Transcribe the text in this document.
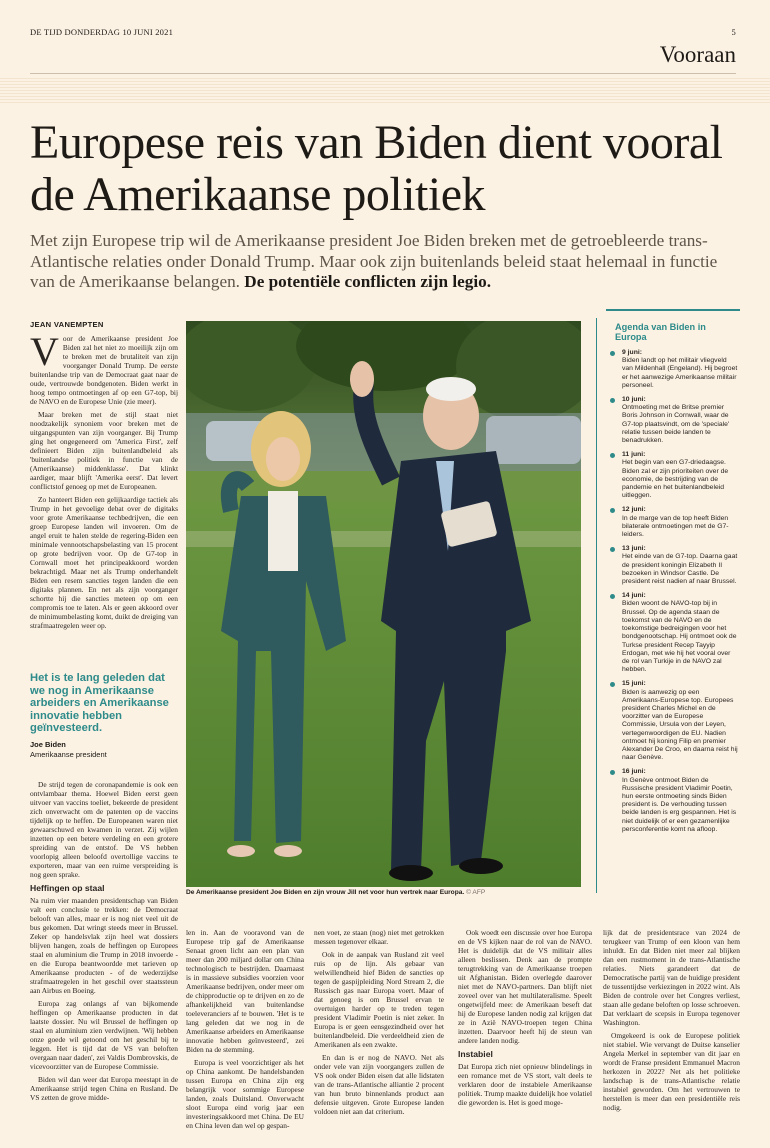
DE TIJD DONDERDAG 10 JUNI 2021	5
Vooraan
Europese reis van Biden dient vooral de Amerikaanse politiek

Met zijn Europese trip wil de Amerikaanse president Joe Biden breken met de getroebleerde trans-Atlantische relaties onder Donald Trump. Maar ook zijn buitenlands beleid staat helemaal in functie van de Amerikaanse belangen. De potentiële conflicten zijn legio.

JEAN VANEMPTEN

Voor de Amerikaanse president Joe Biden zal het niet zo moeilijk zijn om te breken met de brutaliteit van zijn voorganger Donald Trump. De eerste buitenlandse trip van de Democraat gaat naar de oude, vertrouwde bondgenoten. Biden werkt in hoog tempo ontmoetingen af op een G7-top, bij de NAVO en de Europese Unie (zie meer).

Maar breken met de stijl staat niet noodzakelijk synoniem voor breken met de uitgangspunten van zijn voorganger. Bij Trump ging het ongegeneerd om 'America First', zelf definieert Biden zijn buitenlandbeleid als 'buitenlandse politiek in functie van de (Amerikaanse) middenklasse'. Dat klinkt aardiger, maar blijft 'Amerika eerst'. Dat levert conflictstof genoeg op met de Europeanen.

Zo hanteert Biden een gelijkaardige tactiek als Trump in het gevoelige debat over de digitaks voor grote Amerikaanse techbedrijven, die een groep Europese landen wil invoeren. Om de angel eruit te halen stelde de regering-Biden een minimale vennootschapsbelasting van 15 procent op grote bedrijven voor. Op de G7-top in Cornwall moet het principeakkoord worden bekrachtigd. Maar net als Trump onderhandelt Biden een resem sancties tegen landen die een digitaks plannen. En net als zijn voorganger schortte hij die sancties meteen op om een compromis toe te laten. Als er geen akkoord over de minimumbelasting komt, duikt de dreiging van strafmaatregelen weer op.

Het is te lang geleden dat we nog in Amerikaanse arbeiders en Amerikaanse innovatie hebben geïnvesteerd.
Joe Biden
Amerikaanse president

De strijd tegen de coronapandemie is ook een ontvlambaar thema. Hoewel Biden eerst geen uitvoer van vaccins toeliet, bekeerde de president zich onverwacht om de patenten op de vaccins tijdelijk op te heffen. De Europeanen waren niet gewaarschuwd en kwamen in verzet. Zij wijlen inzetten op een betere verdeling en een grotere spreiding van de entstof. De VS hebben voorlopig alleen beloofd overtollige vaccins te exporteren, maar van een ruime verspreiding is nog geen sprake.

Heffingen op staal

Na ruim vier maanden presidentschap van Biden valt een conclusie te trekken: de Democraat belooft van alles, maar er is nog niet veel uit de bus gekomen. Dat wringt steeds meer in Brussel. Zeker op handelsvlak zijn heel wat dossiers blijven hangen, zoals de heffingen op Europees staal en aluminium die Trump in 2018 invoerde - en die Europa beantwoordde met tarieven op Amerikaanse producten - of de wederzijdse strafmaatregelen in het geschil over staatssteun aan Airbus en Boeing.

Europa zag onlangs af van bijkomende heffingen op Amerikaanse producten in dat laatste dossier. Nu wil Brussel de heffingen op staal en aluminium zien verdwijnen. 'Wij hebben onze goede wil getoond om het geschil bij te leggen. Het is tijd dat de VS van beloften overgaan naar daden', zei Valdis Dombrovskis, de vicevoorzitter van de Europese Commissie.

Biden wil dan weer dat Europa meestapt in de Amerikaanse strijd tegen China en Rusland. De VS zetten de grove midde-

De Amerikaanse president Joe Biden en zijn vrouw Jill net voor hun vertrek naar Europa. © AFP

len in. Aan de vooravond van de Europese trip gaf de Amerikaanse Senaat groen licht aan een plan van meer dan 200 miljard dollar om China technologisch te bestrijden. Daarnaast is in massieve subsidies voorzien voor Amerikaanse bedrijven, onder meer om de chipproductie op te drijven en zo de afhankelijkheid van buitenlandse toeleveranciers af te bouwen. 'Het is te lang geleden dat we nog in de Amerikaanse arbeiders en Amerikaanse innovatie hebben geïnvesteerd', zei Biden na de stemming.

Europa is veel voorzichtiger als het op China aankomt. De handelsbanden tussen Europa en China zijn erg belangrijk voor sommige Europese landen, zoals Duitsland. Onverwacht sloot Europa eind vorig jaar een investeringsakkoord met China. De EU en China leven dan wel op gespan-

nen voet, ze staan (nog) niet met getrokken messen tegenover elkaar.

Ook in de aanpak van Rusland zit veel ruis op de lijn. Als gebaar van welwillendheid hief Biden de sancties op tegen de gaspijpleiding Nord Stream 2, die Russisch gas naar Europa voert. Maar of dat genoeg is om Brussel ervan te overtuigen harder op te treden tegen president Vladimir Poetin is niet zeker. In Europa is er geen eensgezindheid over het buitenlandbeleid. Die verdeeldheid zien de Amerikanen als een zwakte.

En dan is er nog de NAVO. Net als onder vele van zijn voorgangers zullen de VS ook onder Biden eisen dat alle lidstaten van de trans-Atlantische alliantie 2 procent van hun bruto binnenlands product aan defensie uitgeven. Grote Europese landen voldoen niet aan dat criterium.

Ook woedt een discussie over hoe Europa en de VS kijken naar de rol van de NAVO. Het is duidelijk dat de VS militair alles alleen beslissen. Denk aan de prompte terugtrekking van de Amerikaanse troepen uit Afghanistan. Biden overlegde daarover niet met de NAVO-partners. Dan blijft niet zoveel over van het multilateralisme. Speelt ongetwijfeld mee: de Amerikaan beseft dat hij de Europese landen nodig zal krijgen dat ze in Azië NAVO-troepen tegen China inzetten. Daarvoor heeft hij de steun van andere landen nodig.

Instabiel

Dat Europa zich niet opnieuw blindelings in een romance met de VS stort, valt deels te verklaren door de instabiele Amerikaanse politiek. Trump maakte duidelijk hoe volatiel die geworden is. Het is goed moge-

lijk dat de presidentsrace van 2024 de terugkeer van Trump of een kloon van hem inhuldt. En dat Biden niet meer zal blijken dan een rustmoment in de trans-Atlantische relaties. Niets garandeert dat de Democratische partij van de huidige president de tussentijdse verkiezingen in 2022 wint. Als Biden de controle over het Congres verliest, staan alle gedane beloften op losse schroeven. Dat verklaart de scepsis in Europa tegenover Washington.

Omgekeerd is ook de Europese politiek niet stabiel. Wie vervangt de Duitse kanselier Angela Merkel in september van dit jaar en wordt de Franse president Emmanuel Macron herkozen in 2022? Net als het politieke landschap is de trans-Atlantische relatie instabiel geworden. Om het vertrouwen te herstellen is meer dan een presidentiële reis nodig.

Agenda van Biden in Europa
9 juni:
Biden landt op het militair vliegveld van Mildenhall (Engeland). Hij begroet er het aanwezige Amerikaanse militair personeel.
10 juni:
Ontmoeting met de Britse premier Boris Johnson in Cornwall, waar de G7-top plaatsvindt, om de 'speciale' relatie tussen beide landen te benadrukken.
11 juni:
Het begin van een G7-driedaagse. Biden zal er zijn prioriteiten over de economie, de bestrijding van de pandemie en het buitenlandbeleid uitleggen.
12 juni:
In de marge van de top heeft Biden bilaterale ontmoetingen met de G7-leiders.
13 juni:
Het einde van de G7-top. Daarna gaat de president koningin Elizabeth II bezoeken in Windsor Castle. De president reist nadien af naar Brussel.
14 juni:
Biden woont de NAVO-top bij in Brussel. Op de agenda staan de toekomst van de NAVO en de toekomstige bedreigingen voor het bondgenootschap. Hij ontmoet ook de Turkse president Recep Tayyip Erdogan, met wie hij het vooral over de rol van Turkije in de NAVO zal hebben.
15 juni:
Biden is aanwezig op een Amerikaans-Europese top. Europees president Charles Michel en de voorzitter van de Europese Commissie, Ursula von der Leyen, vertegenwoordigen de EU. Nadien ontmoet hij koning Filip en premier Alexander De Croo, en daarna reist hij naar Genève.
16 juni:
In Genève ontmoet Biden de Russische president Vladimir Poetin, hun eerste ontmoeting sinds Biden president is. De verhouding tussen beide landen is erg gespannen. Het is niet duidelijk of er een gezamenlijke persconferentie komt na afloop.
